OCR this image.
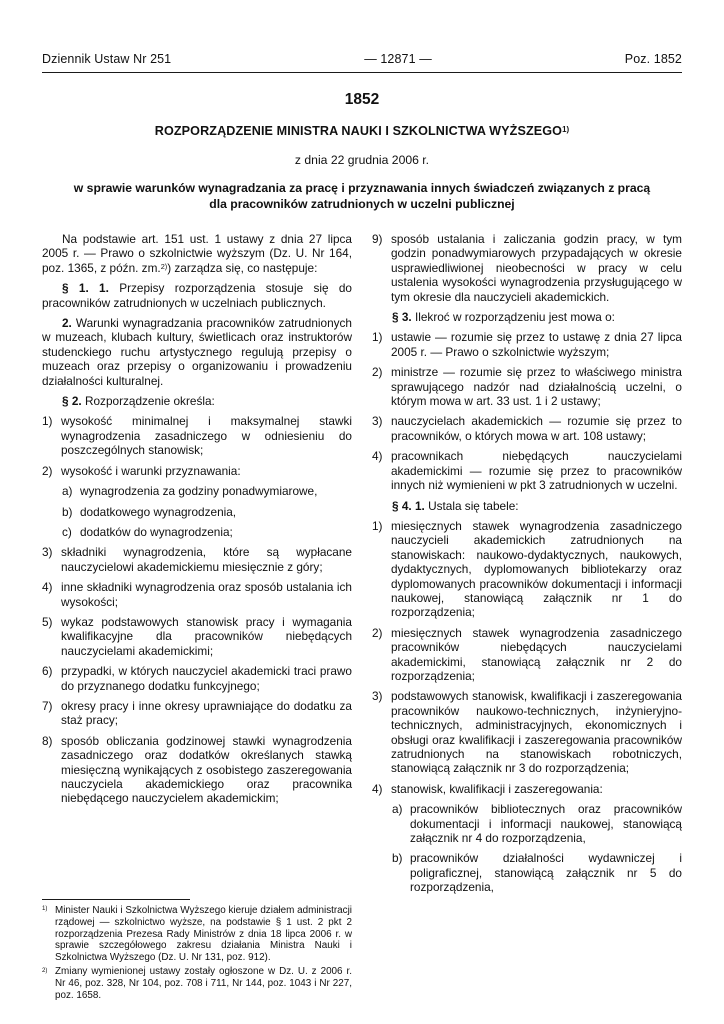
Dziennik Ustaw Nr 251	— 12871 —	Poz. 1852
1852
ROZPORZĄDZENIE MINISTRA NAUKI I SZKOLNICTWA WYŻSZEGO$^{1)}$
z dnia 22 grudnia 2006 r.
w sprawie warunków wynagradzania za pracę i przyznawania innych świadczeń związanych z pracą
dla pracowników zatrudnionych w uczelni publicznej
Na podstawie art. 151 ust. 1 ustawy z dnia 27 lipca 2005 r. — Prawo o szkolnictwie wyższym (Dz. U. Nr 164, poz. 1365, z późn. zm.$^{2)}$) zarządza się, co następuje:
§ 1. 1. Przepisy rozporządzenia stosuje się do pracowników zatrudnionych w uczelniach publicznych.
2. Warunki wynagradzania pracowników zatrudnionych w muzeach, klubach kultury, świetlicach oraz instruktorów studenckiego ruchu artystycznego regulują przepisy o muzeach oraz przepisy o organizowaniu i prowadzeniu działalności kulturalnej.
§ 2. Rozporządzenie określa:
1) wysokość minimalnej i maksymalnej stawki wynagrodzenia zasadniczego w odniesieniu do poszczególnych stanowisk;
2) wysokość i warunki przyznawania:
a) wynagrodzenia za godziny ponadwymiarowe,
b) dodatkowego wynagrodzenia,
c) dodatków do wynagrodzenia;
3) składniki wynagrodzenia, które są wypłacane nauczycielowi akademickiemu miesięcznie z góry;
4) inne składniki wynagrodzenia oraz sposób ustalania ich wysokości;
5) wykaz podstawowych stanowisk pracy i wymagania kwalifikacyjne dla pracowników niebędących nauczycielami akademickimi;
6) przypadki, w których nauczyciel akademicki traci prawo do przyznanego dodatku funkcyjnego;
7) okresy pracy i inne okresy uprawniające do dodatku za staż pracy;
8) sposób obliczania godzinowej stawki wynagrodzenia zasadniczego oraz dodatków określanych stawką miesięczną wynikających z osobistego zaszeregowania nauczyciela akademickiego oraz pracownika niebędącego nauczycielem akademickim;
$^{1)}$ Minister Nauki i Szkolnictwa Wyższego kieruje działem administracji rządowej — szkolnictwo wyższe, na podstawie § 1 ust. 2 pkt 2 rozporządzenia Prezesa Rady Ministrów z dnia 18 lipca 2006 r. w sprawie szczegółowego zakresu działania Ministra Nauki i Szkolnictwa Wyższego (Dz. U. Nr 131, poz. 912).
$^{2)}$ Zmiany wymienionej ustawy zostały ogłoszone w Dz. U. z 2006 r. Nr 46, poz. 328, Nr 104, poz. 708 i 711, Nr 144, poz. 1043 i Nr 227, poz. 1658.
9) sposób ustalania i zaliczania godzin pracy, w tym godzin ponadwymiarowych przypadających w okresie usprawiedliwionej nieobecności w pracy w celu ustalenia wysokości wynagrodzenia przysługującego w tym okresie dla nauczycieli akademickich.
§ 3. Ilekroć w rozporządzeniu jest mowa o:
1) ustawie — rozumie się przez to ustawę z dnia 27 lipca 2005 r. — Prawo o szkolnictwie wyższym;
2) ministrze — rozumie się przez to właściwego ministra sprawującego nadzór nad działalnością uczelni, o którym mowa w art. 33 ust. 1 i 2 ustawy;
3) nauczycielach akademickich — rozumie się przez to pracowników, o których mowa w art. 108 ustawy;
4) pracownikach niebędących nauczycielami akademickimi — rozumie się przez to pracowników innych niż wymienieni w pkt 3 zatrudnionych w uczelni.
§ 4. 1. Ustala się tabele:
1) miesięcznych stawek wynagrodzenia zasadniczego nauczycieli akademickich zatrudnionych na stanowiskach: naukowo-dydaktycznych, naukowych, dydaktycznych, dyplomowanych bibliotekarzy oraz dyplomowanych pracowników dokumentacji i informacji naukowej, stanowiącą załącznik nr 1 do rozporządzenia;
2) miesięcznych stawek wynagrodzenia zasadniczego pracowników niebędących nauczycielami akademickimi, stanowiącą załącznik nr 2 do rozporządzenia;
3) podstawowych stanowisk, kwalifikacji i zaszeregowania pracowników naukowo-technicznych, inżynieryjno-technicznych, administracyjnych, ekonomicznych i obsługi oraz kwalifikacji i zaszeregowania pracowników zatrudnionych na stanowiskach robotniczych, stanowiącą załącznik nr 3 do rozporządzenia;
4) stanowisk, kwalifikacji i zaszeregowania:
a) pracowników bibliotecznych oraz pracowników dokumentacji i informacji naukowej, stanowiącą załącznik nr 4 do rozporządzenia,
b) pracowników działalności wydawniczej i poligraficznej, stanowiącą załącznik nr 5 do rozporządzenia,
